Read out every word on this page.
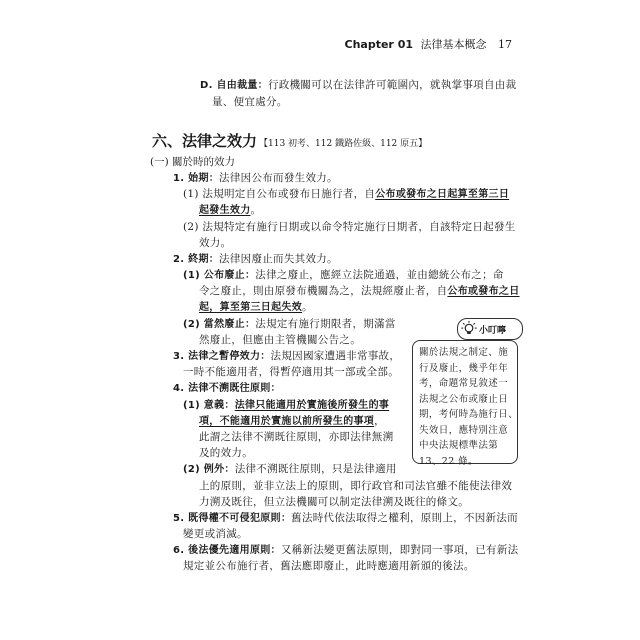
Chapter 01 法律基本概念 17
D. 自由裁量：行政機關可以在法律許可範圍內，就執掌事項自由裁
量、便宜處分。
六、法律之效力 【113 初考、112 鐵路佐級、112 原五】
(一) 關於時的效力
1. 始期：法律因公布而發生效力。
(1) 法規明定自公布或發布日施行者，自公布或發布之日起算至第三日
起發生效力。
(2) 法規特定有施行日期或以命令特定施行日期者，自該特定日起發生
效力。
2. 終期：法律因廢止而失其效力。
(1) 公布廢止：法律之廢止，應經立法院通過，並由總統公布之；命
令之廢止，則由原發布機關為之，法規經廢止者，自公布或發布之日
起，算至第三日起失效。
(2) 當然廢止：法規定有施行期限者，期滿當
然廢止，但應由主管機關公告之。
3. 法律之暫停效力：法規因國家遭遇非常事故，
一時不能適用者，得暫停適用其一部或全部。
4. 法律不溯既往原則：
(1) 意義：法律只能適用於實施後所發生的事
項，不能適用於實施以前所發生的事項，
此謂之法律不溯既往原則，亦即法律無溯
及的效力。
(2) 例外：法律不溯既往原則，只是法律適用
上的原則，並非立法上的原則，即行政官和司法官雖不能使法律效
力溯及既往，但立法機關可以制定法律溯及既往的條文。
5. 既得權不可侵犯原則：舊法時代依法取得之權利，原則上，不因新法而
變更或消滅。
6. 後法優先適用原則：又稱新法變更舊法原則，即對同一事項，已有新法
規定並公布施行者，舊法應即廢止，此時應適用新頒的後法。
關於法規之制定、施
行及廢止，幾乎年年
考，命題常見敘述一
法規之公布或廢止日
期，考何時為施行日、
失效日，應特別注意
中央法規標準法第
13、22 條。
小叮嚀
